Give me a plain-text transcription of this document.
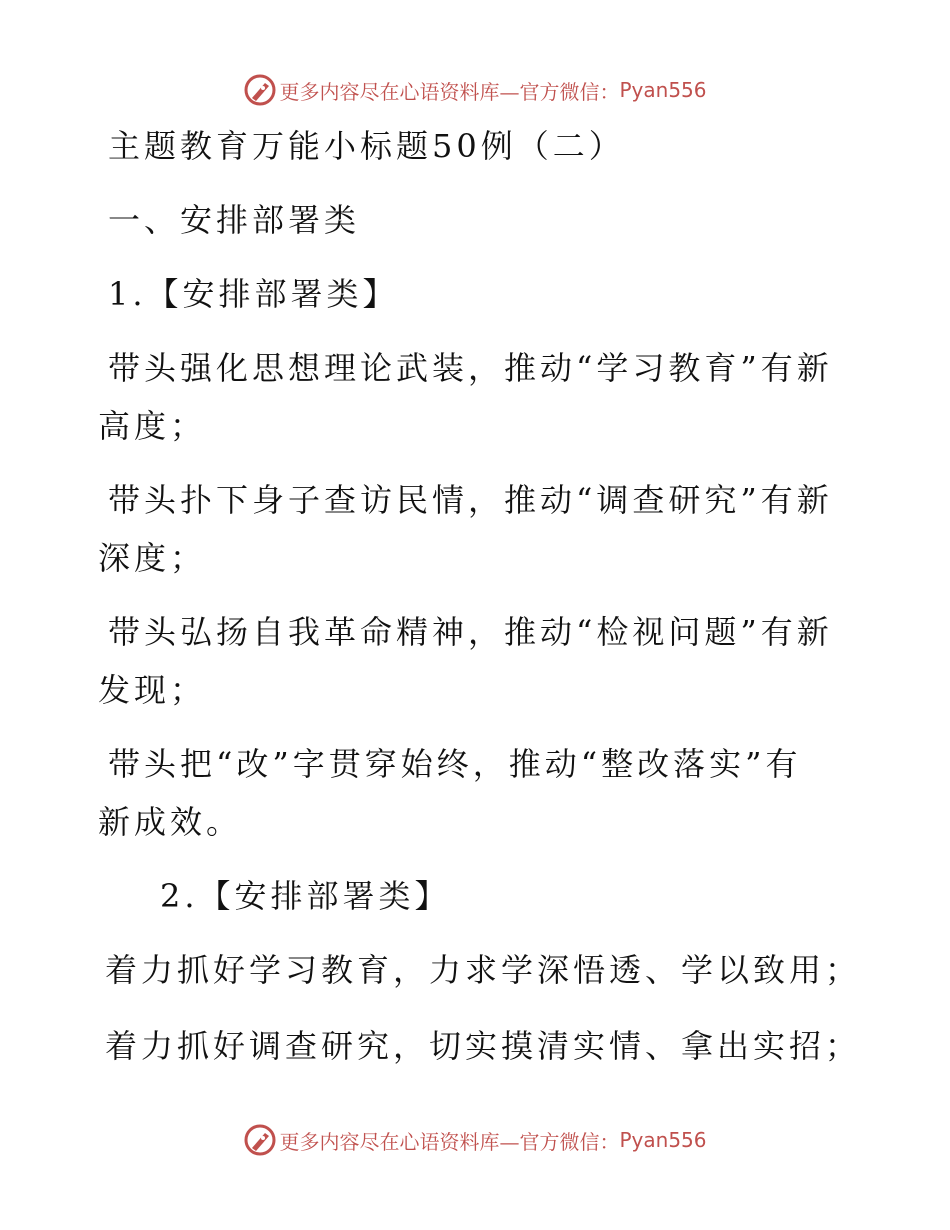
更多内容尽在心语资料库—官方微信： Pyan556
主题教育万能小标题50例（二）
一、安排部署类
1.【安排部署类】
带头强化思想理论武装，推动“学习教育”有新
高度；
带头扑下身子查访民情，推动“调查研究”有新
深度；
带头弘扬自我革命精神，推动“检视问题”有新
发现；
带头把“改”字贯穿始终，推动“整改落实”有
新成效。
2.【安排部署类】
着力抓好学习教育，力求学深悟透、学以致用；
着力抓好调查研究，切实摸清实情、拿出实招；
更多内容尽在心语资料库—官方微信： Pyan556
